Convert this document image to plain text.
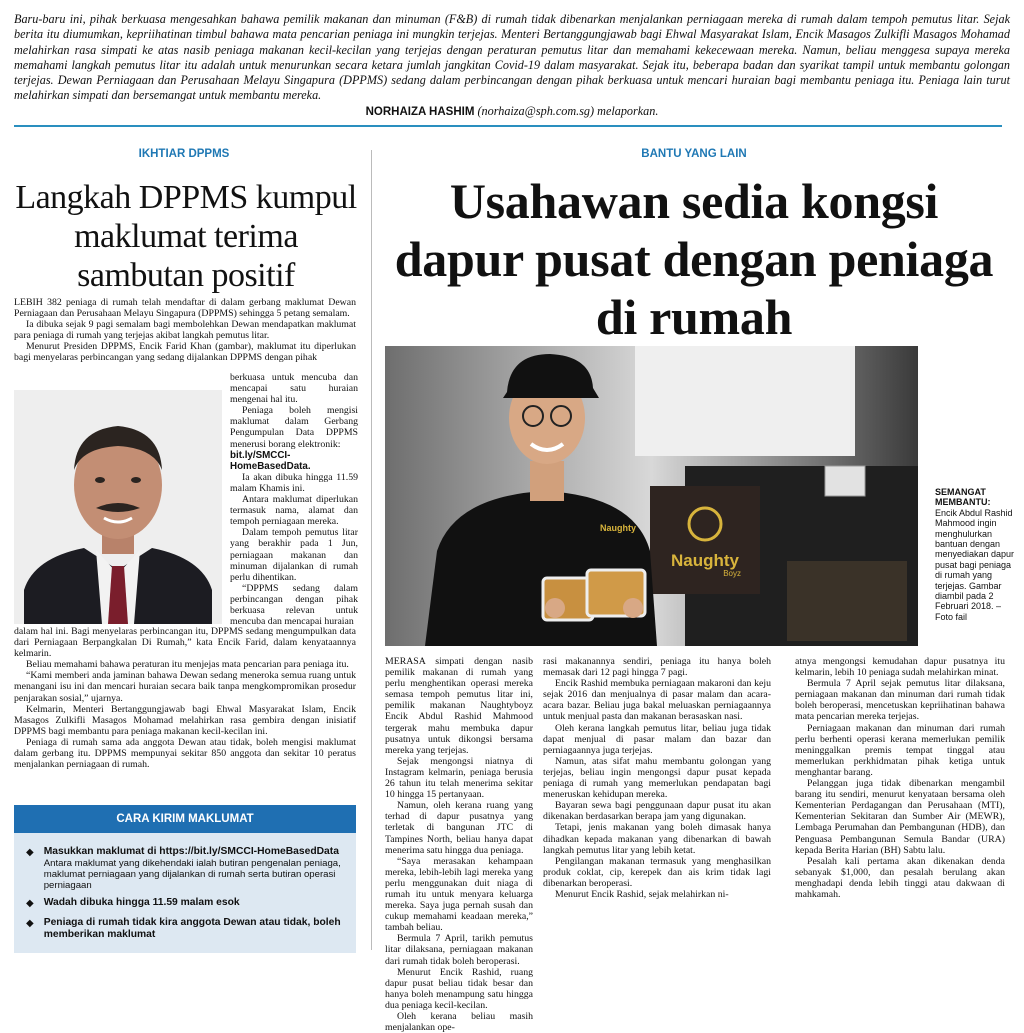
Baru-baru ini, pihak berkuasa mengesahkan bahawa pemilik makanan dan minuman (F&B) di rumah tidak dibenarkan menjalankan perniagaan mereka di rumah dalam tempoh pemutus litar. Sejak berita itu diumumkan, kepriihatinan timbul bahawa mata pencarian peniaga ini mungkin terjejas. Menteri Bertanggungjawab bagi Ehwal Masyarakat Islam, Encik Masagos Zulkifli Masagos Mohamad melahirkan rasa simpati ke atas nasib peniaga makanan kecil-kecilan yang terjejas dengan peraturan pemutus litar dan memahami kekecewaan mereka. Namun, beliau menggesa supaya mereka memahami langkah pemutus litar itu adalah untuk menurunkan secara ketara jumlah jangkitan Covid-19 dalam masyarakat. Sejak itu, beberapa badan dan syarikat tampil untuk membantu golongan terjejas. Dewan Perniagaan dan Perusahaan Melayu Singapura (DPPMS) sedang dalam perbincangan dengan pihak berkuasa untuk mencari huraian bagi membantu peniaga itu. Peniaga lain turut melahirkan simpati dan bersemangat untuk membantu mereka.

NORHAIZA HASHIM (norhaiza@sph.com.sg) melaporkan.

IKHTIAR DPPMS
Langkah DPPMS kumpul maklumat terima sambutan positif

LEBIH 382 peniaga di rumah telah mendaftar di dalam gerbang maklumat Dewan Perniagaan dan Perusahaan Melayu Singapura (DPPMS) sehingga 5 petang semalam.

Ia dibuka sejak 9 pagi semalam bagi membolehkan Dewan mendapatkan maklumat para peniaga di rumah yang terjejas akibat langkah pemutus litar.

Menurut Presiden DPPMS, Encik Farid Khan (gambar), maklumat itu diperlukan bagi menyelaras perbincangan yang sedang dijalankan DPPMS dengan pihak

berkuasa untuk mencuba dan mencapai satu huraian mengenai hal itu.

Peniaga boleh mengisi maklumat dalam Gerbang Pengumpulan Data DPPMS menerusi borang elektronik:

bit.ly/SMCCI-HomeBasedData.

Ia akan dibuka hingga 11.59 malam Khamis ini.

Antara maklumat diperlukan termasuk nama, alamat dan tempoh perniagaan mereka.

Dalam tempoh pemutus litar yang berakhir pada 1 Jun, perniagaan makanan dan minuman dijalankan di rumah perlu dihentikan.

“DPPMS sedang dalam perbincangan dengan pihak berkuasa relevan untuk mencuba dan mencapai huraian

dalam hal ini. Bagi menyelaras perbincangan itu, DPPMS sedang mengumpulkan data dari Perniagaan Berpangkalan Di Rumah,” kata Encik Farid, dalam kenyataannya kelmarin.

Beliau memahami bahawa peraturan itu menjejas mata pencarian para peniaga itu.

“Kami memberi anda jaminan bahawa Dewan sedang meneroka semua ruang untuk menangani isu ini dan mencari huraian secara baik tanpa mengkompromikan prosedur penjarakan sosial,” ujarnya.

Kelmarin, Menteri Bertanggungjawab bagi Ehwal Masyarakat Islam, Encik Masagos Zulkifli Masagos Mohamad melahirkan rasa gembira dengan inisiatif DPPMS bagi membantu para peniaga makanan kecil-kecilan ini.

Peniaga di rumah sama ada anggota Dewan atau tidak, boleh mengisi maklumat dalam gerbang itu. DPPMS mempunyai sekitar 850 anggota dan sekitar 10 peratus menjalankan perniagaan di rumah.

CARA KIRIM MAKLUMAT
◆ Masukkan maklumat di https://bit.ly/SMCCI-HomeBasedData
Antara maklumat yang dikehendaki ialah butiran pengenalan peniaga, maklumat perniagaan yang dijalankan di rumah serta butiran operasi perniagaan
◆ Wadah dibuka hingga 11.59 malam esok
◆ Peniaga di rumah tidak kira anggota Dewan atau tidak, boleh memberikan maklumat
BANTU YANG LAIN
Usahawan sedia kongsi dapur pusat dengan peniaga di rumah
Naughty
Boyz
Naughty
SEMANGAT MEMBANTU:
Encik Abdul Rashid Mahmood ingin menghulurkan bantuan dengan menyediakan dapur pusat bagi peniaga di rumah yang terjejas. Gambar diambil pada 2 Februari 2018. – Foto fail

MERASA simpati dengan nasib pemilik makanan di rumah yang perlu menghentikan operasi mereka semasa tempoh pemutus litar ini, pemilik makanan Naughtyboyz Encik Abdul Rashid Mahmood tergerak mahu membuka dapur pusatnya untuk dikongsi bersama mereka yang terjejas.

Sejak mengongsi niatnya di Instagram kelmarin, peniaga berusia 26 tahun itu telah menerima sekitar 10 hingga 15 pertanyaan.

Namun, oleh kerana ruang yang terhad di dapur pusatnya yang terletak di bangunan JTC di Tampines North, beliau hanya dapat menerima satu hingga dua peniaga.

“Saya merasakan kehampaan mereka, lebih-lebih lagi mereka yang perlu menggunakan duit niaga di rumah itu untuk menyara keluarga mereka. Saya juga pernah susah dan cukup memahami keadaan mereka,” tambah beliau.

Bermula 7 April, tarikh pemutus litar dilaksana, perniagaan makanan dari rumah tidak boleh beroperasi.

Menurut Encik Rashid, ruang dapur pusat beliau tidak besar dan hanya boleh menampung satu hingga dua peniaga kecil-kecilan.

Oleh kerana beliau masih menjalankan ope-

rasi makanannya sendiri, peniaga itu hanya boleh memasak dari 12 pagi hingga 7 pagi.

Encik Rashid membuka perniagaan makaroni dan keju sejak 2016 dan menjualnya di pasar malam dan acara-acara bazar. Beliau juga bakal meluaskan perniagaannya untuk menjual pasta dan makanan berasaskan nasi.

Oleh kerana langkah pemutus litar, beliau juga tidak dapat menjual di pasar malam dan bazar dan perniagaannya juga terjejas.

Namun, atas sifat mahu membantu golongan yang terjejas, beliau ingin mengongsi dapur pusat kepada peniaga di rumah yang memerlukan pendapatan bagi meneruskan kehidupan mereka.

Bayaran sewa bagi penggunaan dapur pusat itu akan dikenakan berdasarkan berapa jam yang digunakan.

Tetapi, jenis makanan yang boleh dimasak hanya dihadkan kepada makanan yang dibenarkan di bawah langkah pemutus litar yang lebih ketat.

Pengilangan makanan termasuk yang menghasilkan produk coklat, cip, kerepek dan ais krim tidak lagi dibenarkan beroperasi.

Menurut Encik Rashid, sejak melahirkan ni-

atnya mengongsi kemudahan dapur pusatnya itu kelmarin, lebih 10 peniaga sudah melahirkan minat.

Bermula 7 April sejak pemutus litar dilaksana, perniagaan makanan dan minuman dari rumah tidak boleh beroperasi, mencetuskan kepriihatinan bahawa mata pencarian mereka terjejas.

Perniagaan makanan dan minuman dari rumah perlu berhenti operasi kerana memerlukan pemilik meninggalkan premis tempat tinggal atau memerlukan perkhidmatan pihak ketiga untuk menghantar barang.

Pelanggan juga tidak dibenarkan mengambil barang itu sendiri, menurut kenyataan bersama oleh Kementerian Perdagangan dan Perusahaan (MTI), Kementerian Sekitaran dan Sumber Air (MEWR), Lembaga Perumahan dan Pembangunan (HDB), dan Penguasa Pembangunan Semula Bandar (URA) kepada Berita Harian (BH) Sabtu lalu.

Pesalah kali pertama akan dikenakan denda sebanyak $1,000, dan pesalah berulang akan menghadapi denda lebih tinggi atau dakwaan di mahkamah.
